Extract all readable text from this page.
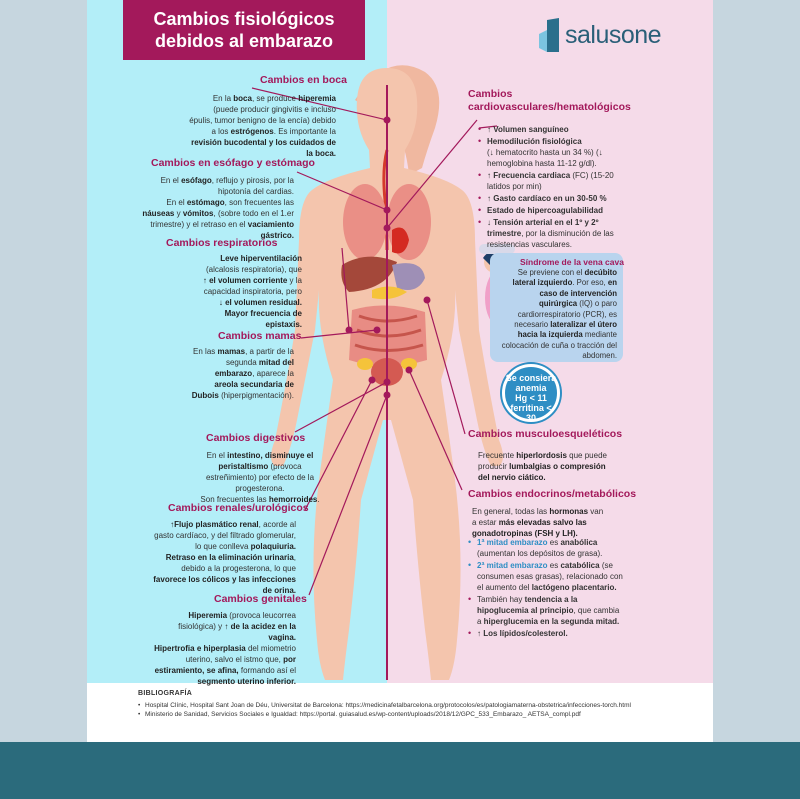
Cambios fisiológicos
debidos al embarazo	salusone
Cambios en boca
En la boca, se produce hiperemia (puede producir gingivitis e incluso épulis, tumor benigno de la encía) debido a los estrógenos. Es importante la revisión bucodental y los cuidados de la boca.
Cambios en esófago y estómago
En el esófago, reflujo y pirosis, por la hipotonía del cardias.
En el estómago, son frecuentes las náuseas y vómitos, (sobre todo en el 1.er trimestre) y el retraso en el vaciamiento gástrico.
Cambios respiratorios
Leve hiperventilación (alcalosis respiratoria), que ↑ el volumen corriente y la capacidad inspiratoria, pero ↓ el volumen residual.
Mayor frecuencia de epistaxis.
Cambios mamas
En las mamas, a partir de la segunda mitad del embarazo, aparece la areola secundaria de Dubois (hiperpigmentación).
Cambios digestivos
En el intestino, disminuye el peristaltismo (provoca estreñimiento) por efecto de la progesterona.
Son frecuentes las hemorroides.
Cambios renales/urológicos
↑Flujo plasmático renal, acorde al gasto cardíaco, y del filtrado glomerular, lo que conlleva polaquiuria.
Retraso en la eliminación urinaria, debido a la progesterona, lo que favorece los cólicos y las infecciones de orina.
Cambios genitales
Hiperemia (provoca leucorrea fisiológica) y ↑ de la acidez en la vagina.
Hipertrofia e hiperplasia del miometrio uterino, salvo el istmo que, por estiramiento, se afina, formando así el segmento uterino inferior.
Cambios
cardiovasculares/hematológicos
• ↑ Volumen sanguíneo
• Hemodilución fisiológica
(↓ hematocrito hasta un 34 %) (↓ hemoglobina hasta 11-12 g/dl).
• ↑ Frecuencia cardiaca (FC) (15-20 latidos por min)
• ↑ Gasto cardíaco en un 30-50 %
• Estado de hipercoagulabilidad
• ↓ Tensión arterial en el 1º y 2º trimestre, por la disminución de las resistencias vasculares.
Síndrome de la vena cava
Se previene con el decúbito lateral izquierdo. Por eso, en caso de intervención quirúrgica (IQ) o paro cardiorrespiratorio (PCR), es necesario lateralizar el útero hacia la izquierda mediante colocación de cuña o tracción del abdomen.
Se consiera
anemia
Hg < 11
ferritina < 30
Cambios musculoesqueléticos
Frecuente hiperlordosis que puede producir lumbalgias o compresión del nervio ciático.
Cambios endocrinos/metabólicos
En general, todas las hormonas van a estar más elevadas salvo las gonadotropinas (FSH y LH).
• 1ª mitad embarazo es anabólica (aumentan los depósitos de grasa).
• 2ª mitad embarazo es catabólica (se consumen esas grasas), relacionado con el aumento del lactógeno placentario.
• También hay tendencia a la hipoglucemia al principio, que cambia a hiperglucemia en la segunda mitad.
• ↑ Los lípidos/colesterol.
BIBLIOGRAFÍA
• Hospital Clínic, Hospital Sant Joan de Déu, Universitat de Barcelona: https://medicinafetalbarcelona.org/protocolos/es/patologiamaterna-obstetrica/infecciones-torch.html
• Ministerio de Sanidad, Servicios Sociales e Igualdad: https://portal. guiasalud.es/wp-content/uploads/2018/12/GPC_533_Embarazo_ AETSA_compl.pdf
